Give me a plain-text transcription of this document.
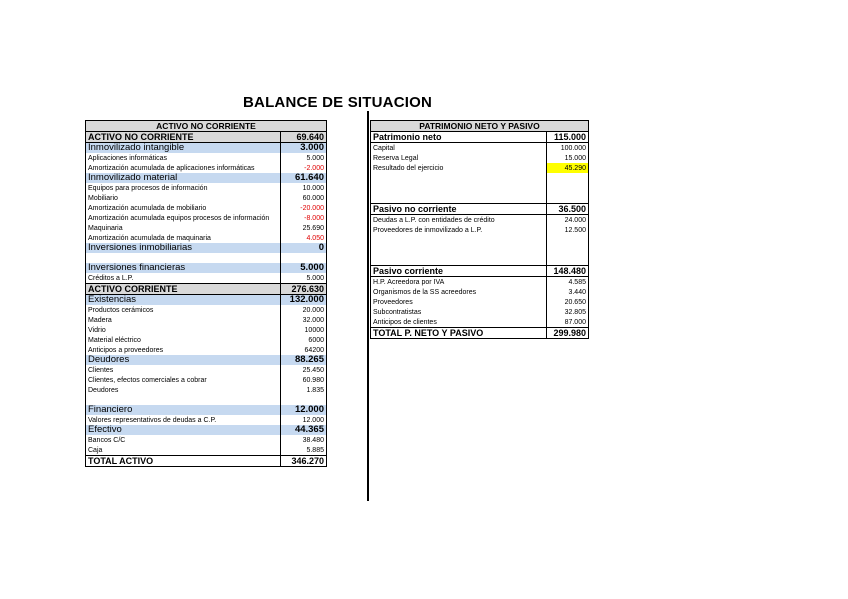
BALANCE DE SITUACION
ACTIVO NO CORRIENTE	
ACTIVO NO CORRIENTE	69.640
Inmovilizado intangible	3.000
Aplicaciones informáticas	5.000
Amortización acumulada de aplicaciones informáticas	-2.000
Inmovilizado material	61.640
Equipos para procesos de información	10.000
Mobiliario	60.000
Amortización acumulada de mobiliario	-20.000
Amortización acumulada equipos procesos de información	-8.000
Maquinaria	25.690
Amortización acumulada de maquinaria	4.050
Inversiones inmobiliarias	0

Inversiones financieras	5.000
Créditos a L.P.	5.000
ACTIVO CORRIENTE	276.630
Existencias	132.000
Productos cerámicos	20.000
Madera	32.000
Vidrio	10000
Material eléctrico	6000
Anticipos a proveedores	64200
Deudores	88.265
Clientes	25.450
Clientes, efectos comerciales a cobrar	60.980
Deudores	1.835

Financiero	12.000
Valores representativos de deudas a C.P.	12.000
Efectivo	44.365
Bancos C/C	38.480
Caja	5.885
TOTAL ACTIVO	346.270
PATRIMONIO NETO Y PASIVO	
Patrimonio neto	115.000
Capital	100.000
Reserva Legal	15.000
Resultado del ejercicio	45.290

Pasivo no corriente	36.500
Deudas a L.P. con entidades de crédito	24.000
Proveedores de inmovilizado a L.P.	12.500

Pasivo corriente	148.480
H.P. Acreedora por IVA	4.585
Organismos de la SS acreedores	3.440
Proveedores	20.650
Subcontratistas	32.805
Anticipos de clientes	87.000
TOTAL P. NETO Y PASIVO	299.980
